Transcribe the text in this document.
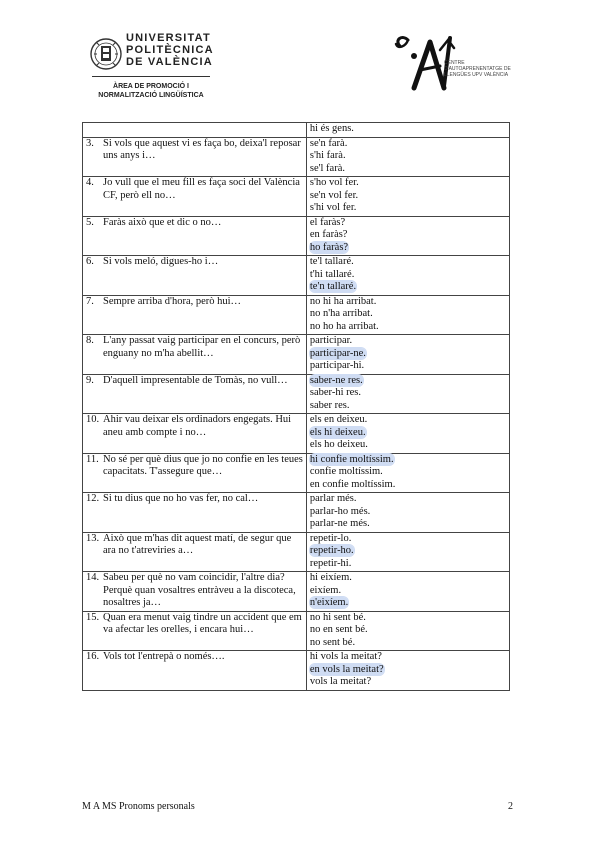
UNIVERSITAT
POLITÈCNICA
DE VALÈNCIA
ÀREA DE PROMOCIÓ I
NORMALITZACIÓ LINGÜÍSTICA
CENTRE D'AUTOAPRENENTATGE DE LLENGÜES UPV VALÈNCIA

	hi és gens.

3. Si vols que aquest vi es faça bo, deixa'l reposar uns anys i…	se'n farà.
s'hi farà.
se'l farà.

4. Jo vull que el meu fill es faça soci del València CF, però ell no…	s'ho vol fer.
se'n vol fer.
s'hi vol fer.

5. Faràs això que et dic o no…	el faràs?
en faràs?
ho faràs?

6. Si vols meló, digues-ho i…	te'l tallaré.
t'hi tallaré.
te'n tallaré.

7. Sempre arriba d'hora, però hui…	no hi ha arribat.
no n'ha arribat.
no ho ha arribat.

8. L'any passat vaig participar en el concurs, però enguany no m'ha abellit…	participar.
participar-ne.
participar-hi.

9. D'aquell impresentable de Tomàs, no vull…	saber-ne res.
saber-hi res.
saber res.

10. Ahir vau deixar els ordinadors engegats. Hui aneu amb compte i no…	els en deixeu.
els hi deixeu.
els ho deixeu.

11. No sé per què dius que jo no confie en les teues capacitats. T'assegure que…	hi confie moltíssim.
confie moltíssim.
en confie moltíssim.

12. Si tu dius que no ho vas fer, no cal…	parlar més.
parlar-ho més.
parlar-ne més.

13. Això que m'has dit aquest matí, de segur que ara no t'atreviries a…	repetir-lo.
repetir-ho.
repetir-hi.

14. Sabeu per què no vam coincidir, l'altre dia? Perquè quan vosaltres entràveu a la discoteca, nosaltres ja…	hi eixíem.
eixíem.
n'eixíem.

15. Quan era menut vaig tindre un accident que em va afectar les orelles, i encara hui…	no hi sent bé.
no en sent bé.
no sent bé.

16. Vols tot l'entrepà o només….	hi vols la meitat?
en vols la meitat?
vols la meitat?
M A MS Pronoms personals	2
